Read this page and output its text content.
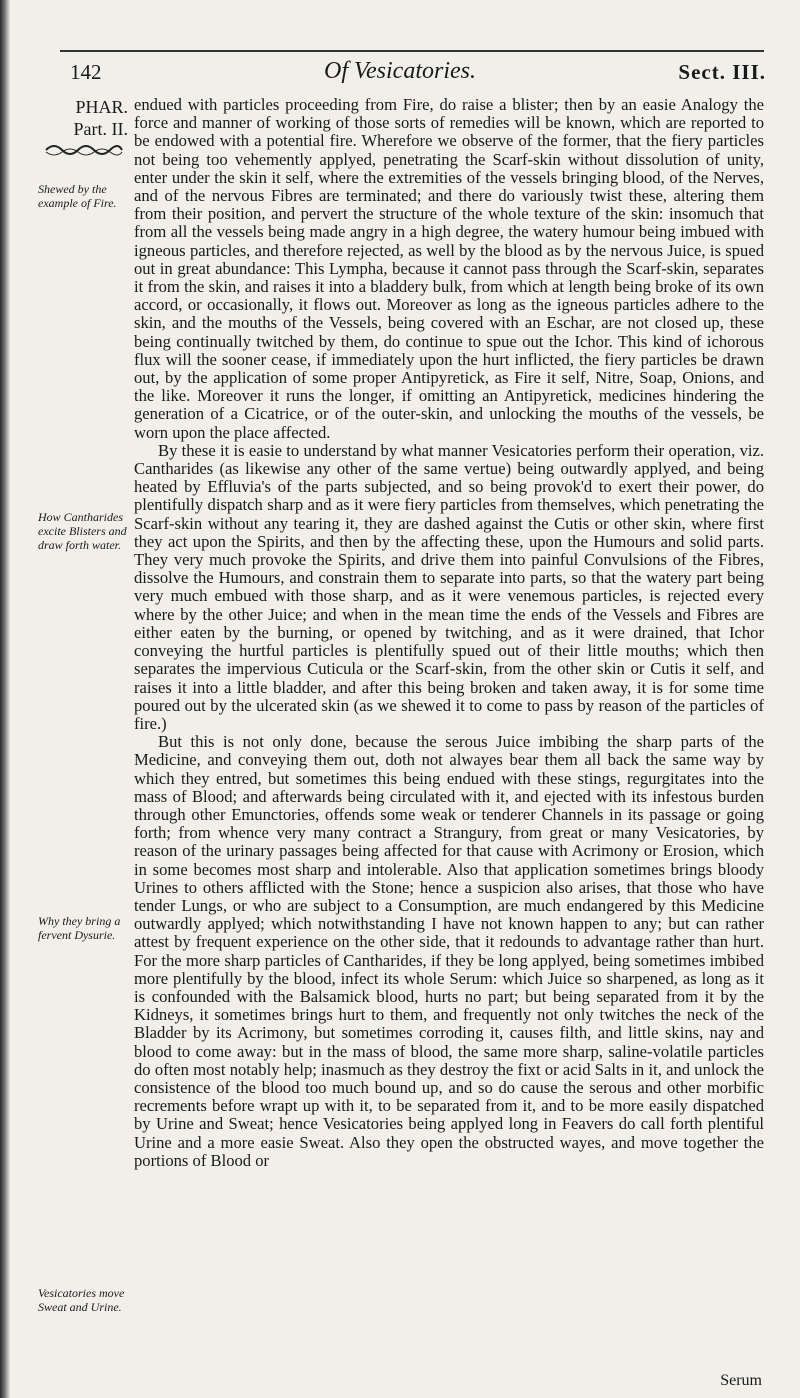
142	Of Vesicatories.	Sect. III.
PHAR.
Part. II.
Shewed by the example of Fire.
How Cantharides excite Blisters and draw forth water.
Why they bring a fervent Dysurie.
Vesicatories move Sweat and Urine.

endued with particles proceeding from Fire, do raise a blister; then by an easie Analogy the force and manner of working of those sorts of remedies will be known, which are reported to be endowed with a potential fire. Wherefore we observe of the former, that the fiery particles not being too vehemently applyed, penetrating the Scarf-skin without dissolution of unity, enter under the skin it self, where the extremities of the vessels bringing blood, of the Nerves, and of the nervous Fibres are terminated; and there do variously twist these, altering them from their position, and pervert the structure of the whole texture of the skin: insomuch that from all the vessels being made angry in a high degree, the watery humour being imbued with igneous particles, and therefore rejected, as well by the blood as by the nervous Juice, is spued out in great abundance: This Lympha, because it cannot pass through the Scarf-skin, separates it from the skin, and raises it into a bladdery bulk, from which at length being broke of its own accord, or occasionally, it flows out. Moreover as long as the igneous particles adhere to the skin, and the mouths of the Vessels, being covered with an Eschar, are not closed up, these being continually twitched by them, do continue to spue out the Ichor. This kind of ichorous flux will the sooner cease, if immediately upon the hurt inflicted, the fiery particles be drawn out, by the application of some proper Antipyretick, as Fire it self, Nitre, Soap, Onions, and the like. Moreover it runs the longer, if omitting an Antipyretick, medicines hindering the generation of a Cicatrice, or of the outer-skin, and unlocking the mouths of the vessels, be worn upon the place affected.

By these it is easie to understand by what manner Vesicatories perform their operation, viz. Cantharides (as likewise any other of the same vertue) being outwardly applyed, and being heated by Effluvia's of the parts subjected, and so being provok'd to exert their power, do plentifully dispatch sharp and as it were fiery particles from themselves, which penetrating the Scarf-skin without any tearing it, they are dashed against the Cutis or other skin, where first they act upon the Spirits, and then by the affecting these, upon the Humours and solid parts. They very much provoke the Spirits, and drive them into painful Convulsions of the Fibres, dissolve the Humours, and constrain them to separate into parts, so that the watery part being very much embued with those sharp, and as it were venemous particles, is rejected every where by the other Juice; and when in the mean time the ends of the Vessels and Fibres are either eaten by the burning, or opened by twitching, and as it were drained, that Ichor conveying the hurtful particles is plentifully spued out of their little mouths; which then separates the impervious Cuticula or the Scarf-skin, from the other skin or Cutis it self, and raises it into a little bladder, and after this being broken and taken away, it is for some time poured out by the ulcerated skin (as we shewed it to come to pass by reason of the particles of fire.)

But this is not only done, because the serous Juice imbibing the sharp parts of the Medicine, and conveying them out, doth not alwayes bear them all back the same way by which they entred, but sometimes this being endued with these stings, regurgitates into the mass of Blood; and afterwards being circulated with it, and ejected with its infestous burden through other Emunctories, offends some weak or tenderer Channels in its passage or going forth; from whence very many contract a Strangury, from great or many Vesicatories, by reason of the urinary passages being affected for that cause with Acrimony or Erosion, which in some becomes most sharp and intolerable. Also that application sometimes brings bloody Urines to others afflicted with the Stone; hence a suspicion also arises, that those who have tender Lungs, or who are subject to a Consumption, are much endangered by this Medicine outwardly applyed; which notwithstanding I have not known happen to any; but can rather attest by frequent experience on the other side, that it redounds to advantage rather than hurt. For the more sharp particles of Cantharides, if they be long applyed, being sometimes imbibed more plentifully by the blood, infect its whole Serum: which Juice so sharpened, as long as it is confounded with the Balsamick blood, hurts no part; but being separated from it by the Kidneys, it sometimes brings hurt to them, and frequently not only twitches the neck of the Bladder by its Acrimony, but sometimes corroding it, causes filth, and little skins, nay and blood to come away: but in the mass of blood, the same more sharp, saline-volatile particles do often most notably help; inasmuch as they destroy the fixt or acid Salts in it, and unlock the consistence of the blood too much bound up, and so do cause the serous and other morbific recrements before wrapt up with it, to be separated from it, and to be more easily dispatched by Urine and Sweat; hence Vesicatories being applyed long in Feavers do call forth plentiful Urine and a more easie Sweat. Also they open the obstructed wayes, and move together the portions of Blood or

Serum
